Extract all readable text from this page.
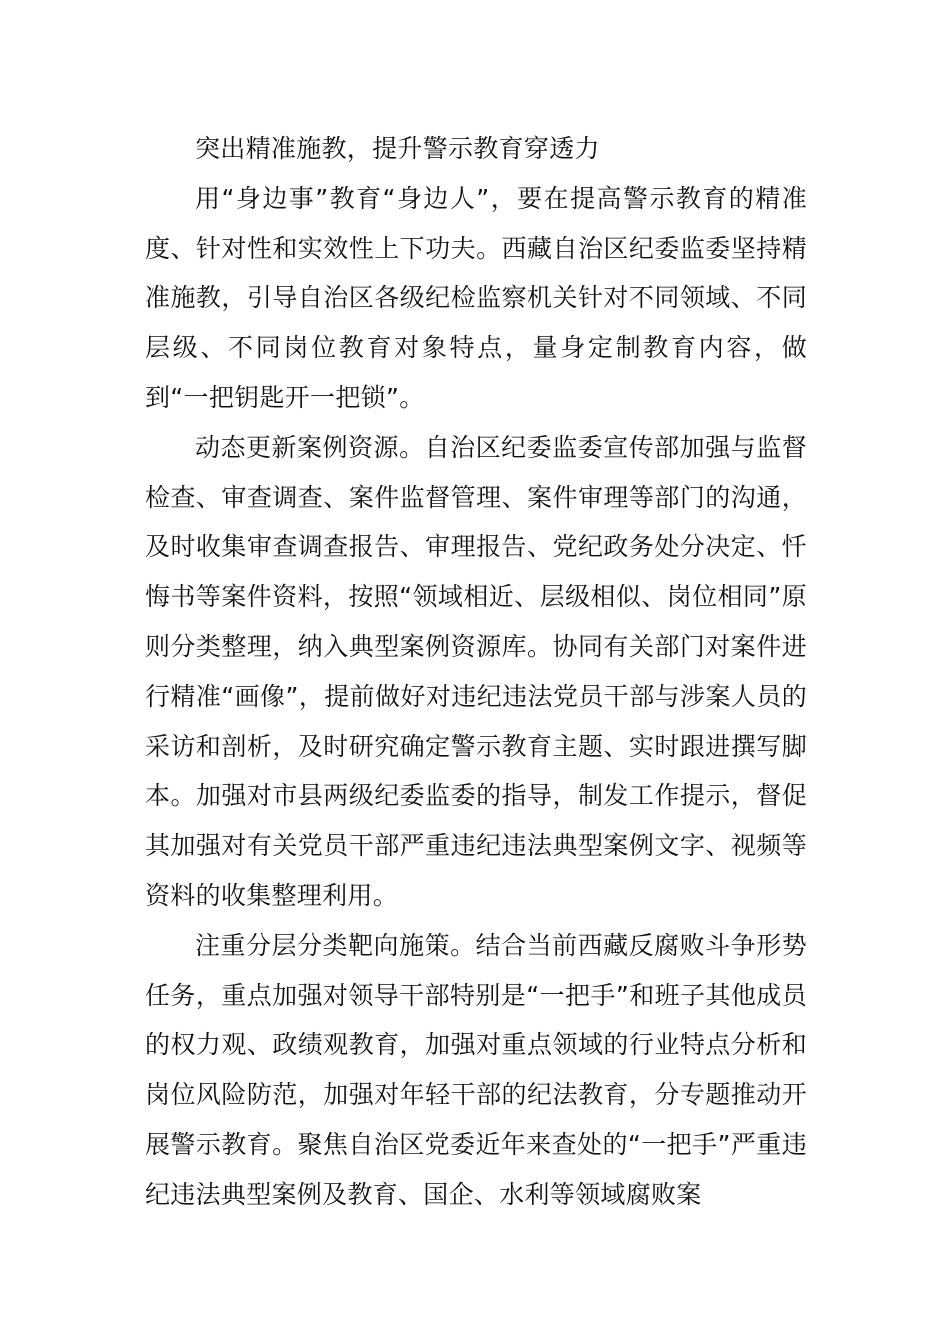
突出精准施教，提升警示教育穿透力

用“身边事”教育“身边人”，要在提高警示教育的精准度、针对性和实效性上下功夫。西藏自治区纪委监委坚持精准施教，引导自治区各级纪检监察机关针对不同领域、不同层级、不同岗位教育对象特点，量身定制教育内容，做到“一把钥匙开一把锁”。

动态更新案例资源。自治区纪委监委宣传部加强与监督检查、审查调查、案件监督管理、案件审理等部门的沟通，及时收集审查调查报告、审理报告、党纪政务处分决定、忏悔书等案件资料，按照“领域相近、层级相似、岗位相同”原则分类整理，纳入典型案例资源库。协同有关部门对案件进行精准“画像”，提前做好对违纪违法党员干部与涉案人员的采访和剖析，及时研究确定警示教育主题、实时跟进撰写脚本。加强对市县两级纪委监委的指导，制发工作提示，督促其加强对有关党员干部严重违纪违法典型案例文字、视频等资料的收集整理利用。

注重分层分类靶向施策。结合当前西藏反腐败斗争形势任务，重点加强对领导干部特别是“一把手”和班子其他成员的权力观、政绩观教育，加强对重点领域的行业特点分析和岗位风险防范，加强对年轻干部的纪法教育，分专题推动开展警示教育。聚焦自治区党委近年来查处的“一把手”严重违纪违法典型案例及教育、国企、水利等领域腐败案
